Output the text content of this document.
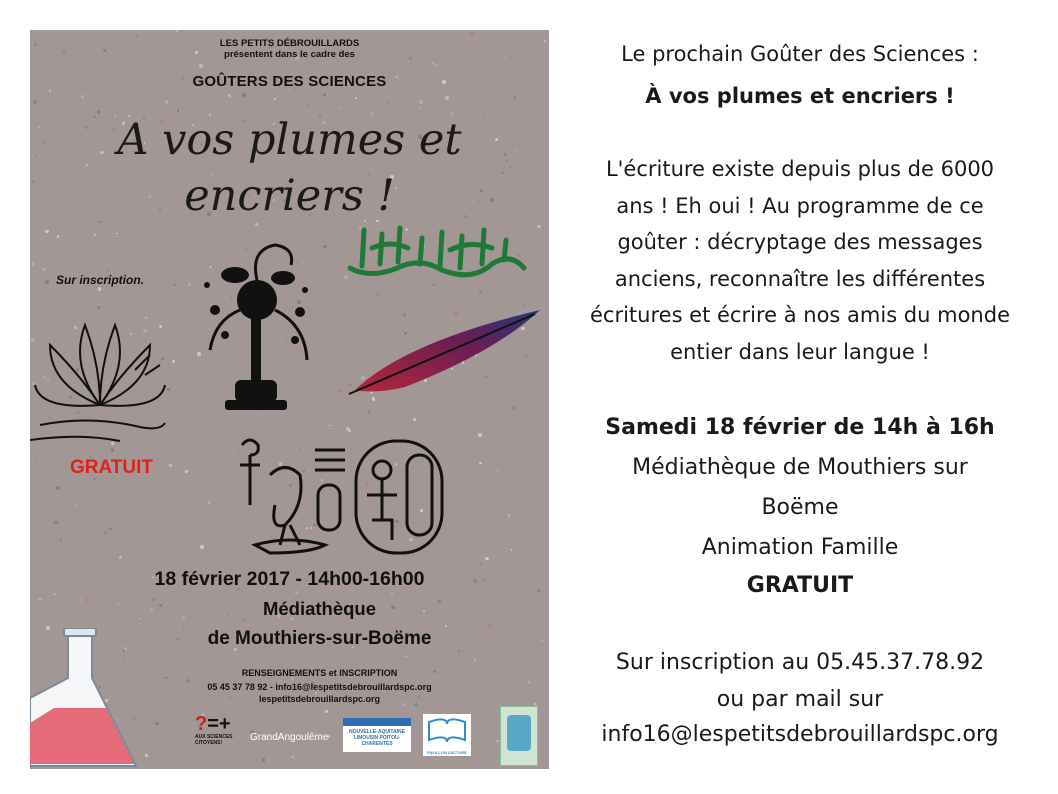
LES PETITS DÉBROUILLARDS
présentent dans le cadre des
GOÛTERS DES SCIENCES
A vos plumes et
encriers !
Sur inscription.
GRATUIT
18 février 2017 - 14h00-16h00
Médiathèque
de Mouthiers-sur-Boëme
RENSEIGNEMENTS et INSCRIPTION
05 45 37 78 92 - info16@lespetitsdebrouillardspc.org
lespetitsdebrouillardspc.org
?=+
AUX SCIENCES CITOYENS!	GrandAngoulême	NOUVELLE-AQUITAINE LIMOUSIN POITOU-CHARENTES
PAVILLON LECTURE
Le prochain Goûter des Sciences :
À vos plumes et encriers !
L'écriture existe depuis plus de 6000
ans ! Eh oui ! Au programme de ce
goûter : décryptage des messages
anciens, reconnaître les différentes
écritures et écrire à nos amis du monde
entier dans leur langue !
Samedi 18 février de 14h à 16h
Médiathèque de Mouthiers sur
Boëme
Animation Famille
GRATUIT
Sur inscription au 05.45.37.78.92
ou par mail sur
info16@lespetitsdebrouillardspc.org
